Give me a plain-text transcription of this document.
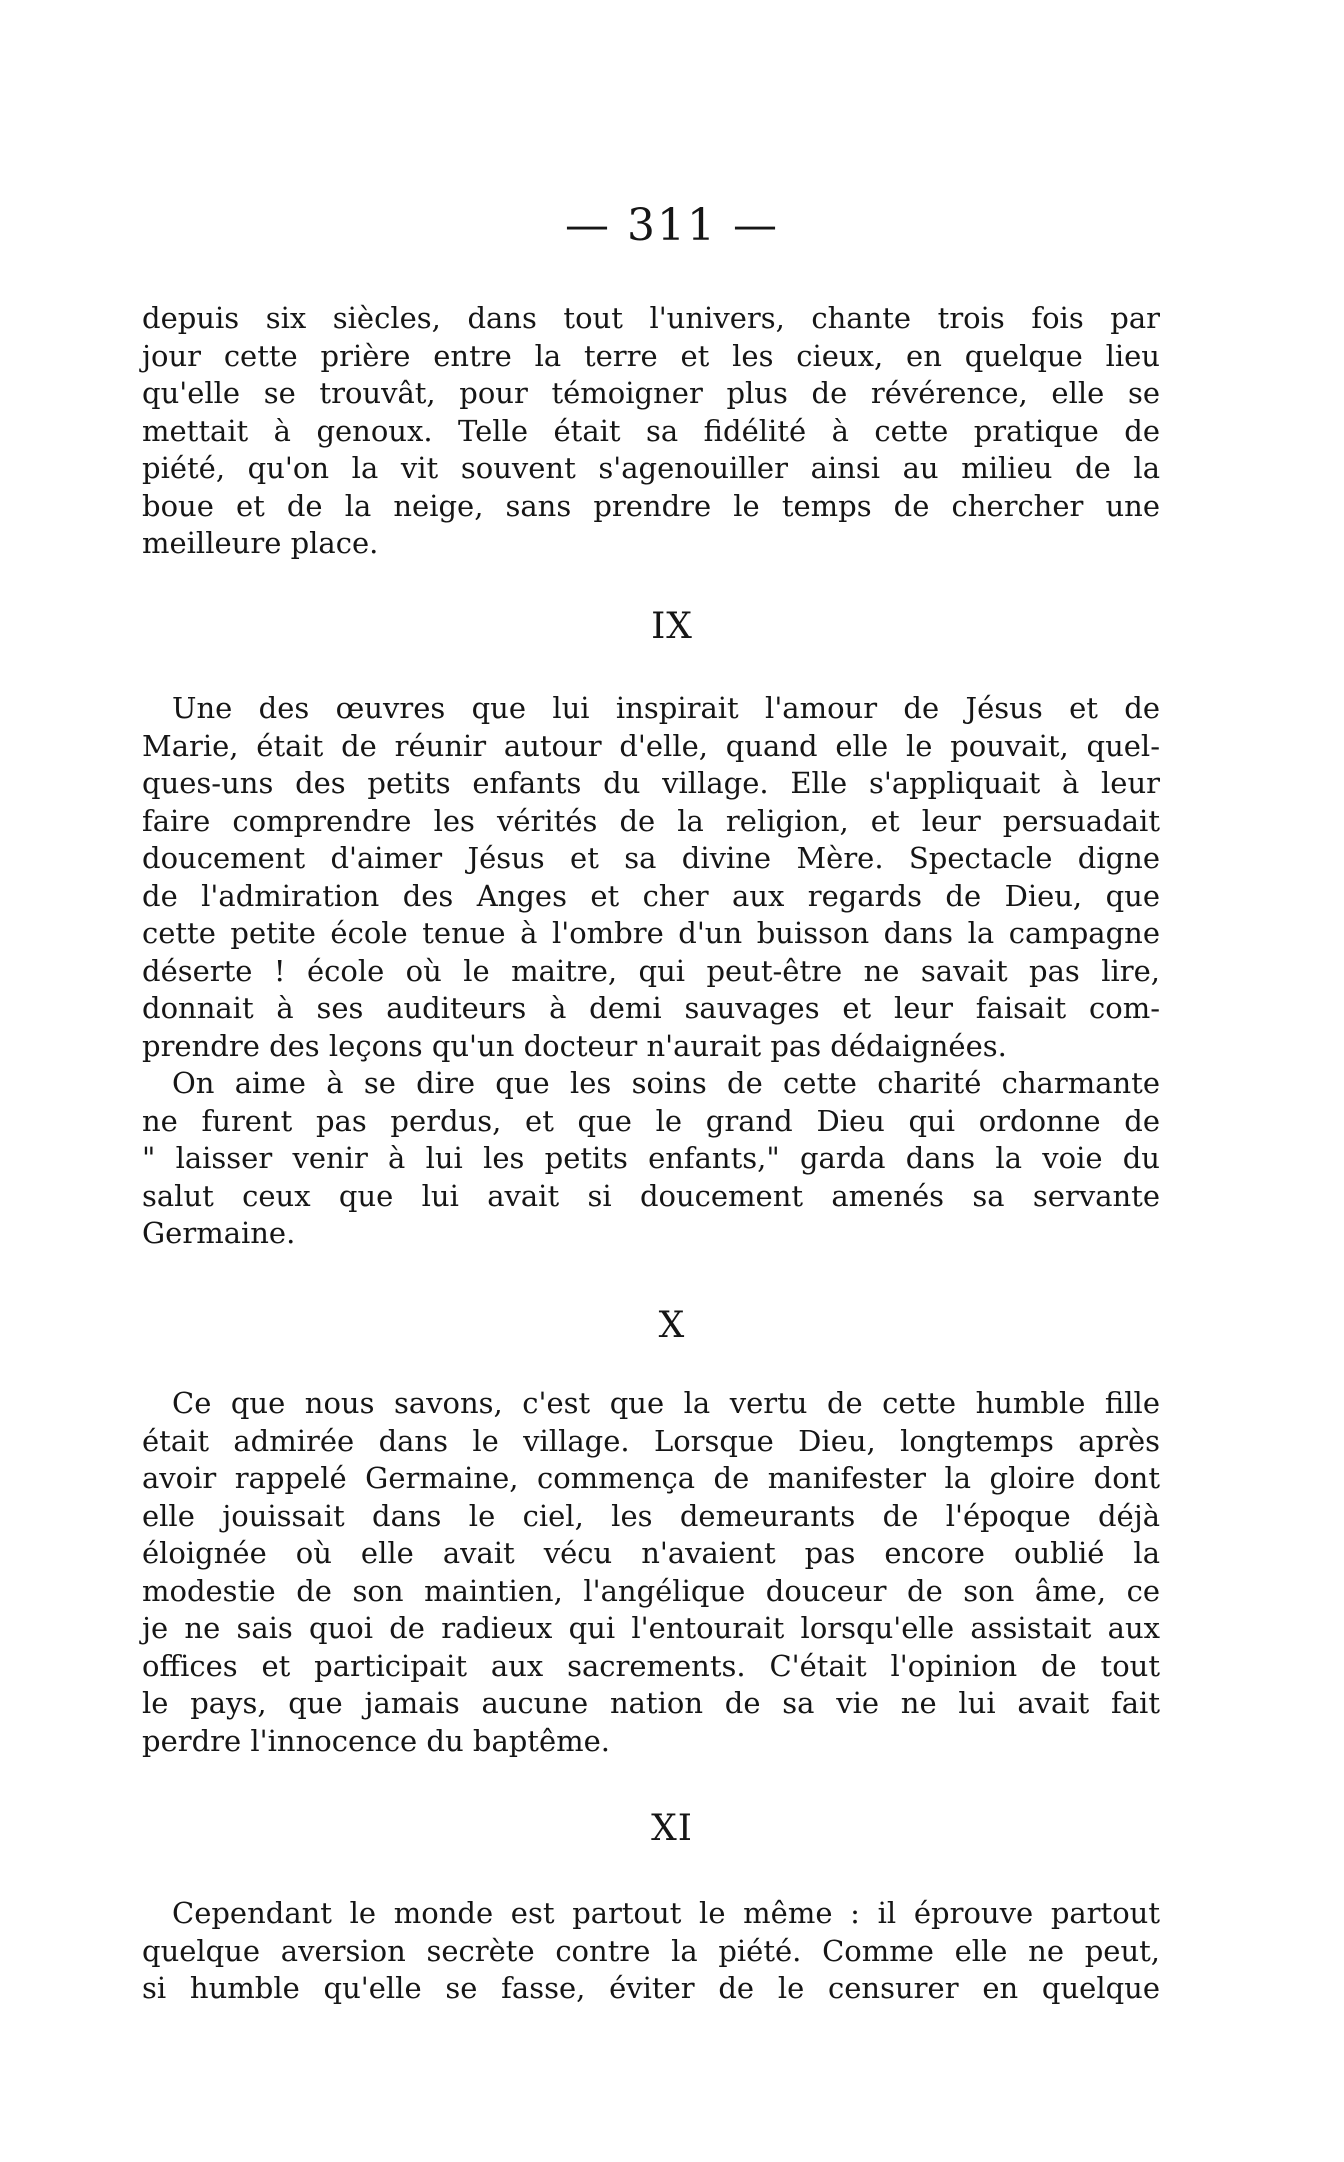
— 311 —
depuis six siècles, dans tout l'univers, chante trois fois par
jour cette prière entre la terre et les cieux, en quelque lieu
qu'elle se trouvât, pour témoigner plus de révérence, elle se
mettait à genoux. Telle était sa fidélité à cette pratique de
piété, qu'on la vit souvent s'agenouiller ainsi au milieu de la
boue et de la neige, sans prendre le temps de chercher une
meilleure place.
IX
Une des œuvres que lui inspirait l'amour de Jésus et de
Marie, était de réunir autour d'elle, quand elle le pouvait, quel-
ques-uns des petits enfants du village. Elle s'appliquait à leur
faire comprendre les vérités de la religion, et leur persuadait
doucement d'aimer Jésus et sa divine Mère. Spectacle digne
de l'admiration des Anges et cher aux regards de Dieu, que
cette petite école tenue à l'ombre d'un buisson dans la campagne
déserte ! école où le maitre, qui peut-être ne savait pas lire,
donnait à ses auditeurs à demi sauvages et leur faisait com-
prendre des leçons qu'un docteur n'aurait pas dédaignées.
On aime à se dire que les soins de cette charité charmante
ne furent pas perdus, et que le grand Dieu qui ordonne de
" laisser venir à lui les petits enfants," garda dans la voie du
salut ceux que lui avait si doucement amenés sa servante
Germaine.
X
Ce que nous savons, c'est que la vertu de cette humble fille
était admirée dans le village. Lorsque Dieu, longtemps après
avoir rappelé Germaine, commença de manifester la gloire dont
elle jouissait dans le ciel, les demeurants de l'époque déjà
éloignée où elle avait vécu n'avaient pas encore oublié la
modestie de son maintien, l'angélique douceur de son âme, ce
je ne sais quoi de radieux qui l'entourait lorsqu'elle assistait aux
offices et participait aux sacrements. C'était l'opinion de tout
le pays, que jamais aucune nation de sa vie ne lui avait fait
perdre l'innocence du baptême.
XI
Cependant le monde est partout le même : il éprouve partout
quelque aversion secrète contre la piété. Comme elle ne peut,
si humble qu'elle se fasse, éviter de le censurer en quelque
